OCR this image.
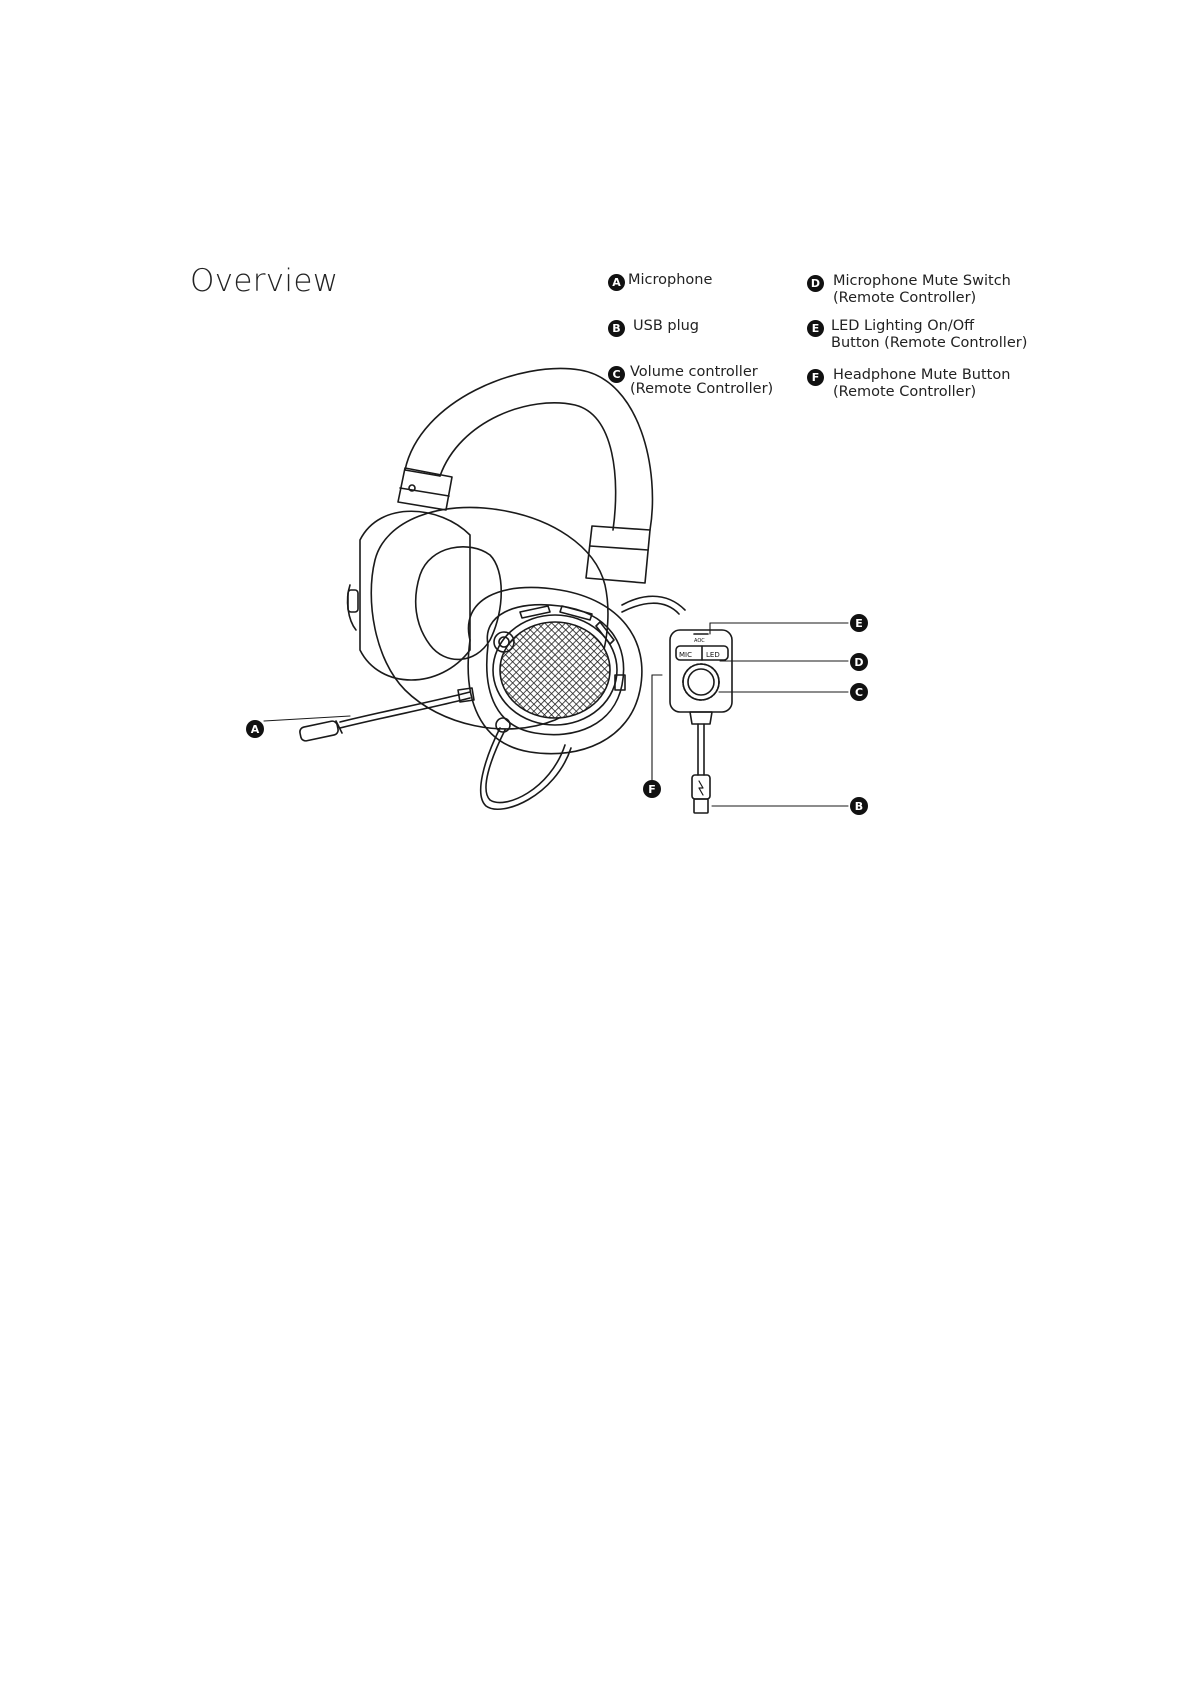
Overview	A Microphone
B USB plug
C Volume controller
(Remote Controller)
D Microphone Mute Switch
(Remote Controller)
E LED Lighting On/Off
Button (Remote Controller)
F Headphone Mute Button
(Remote Controller)
MIC LED
AOC
A
B
C
D
E
F
